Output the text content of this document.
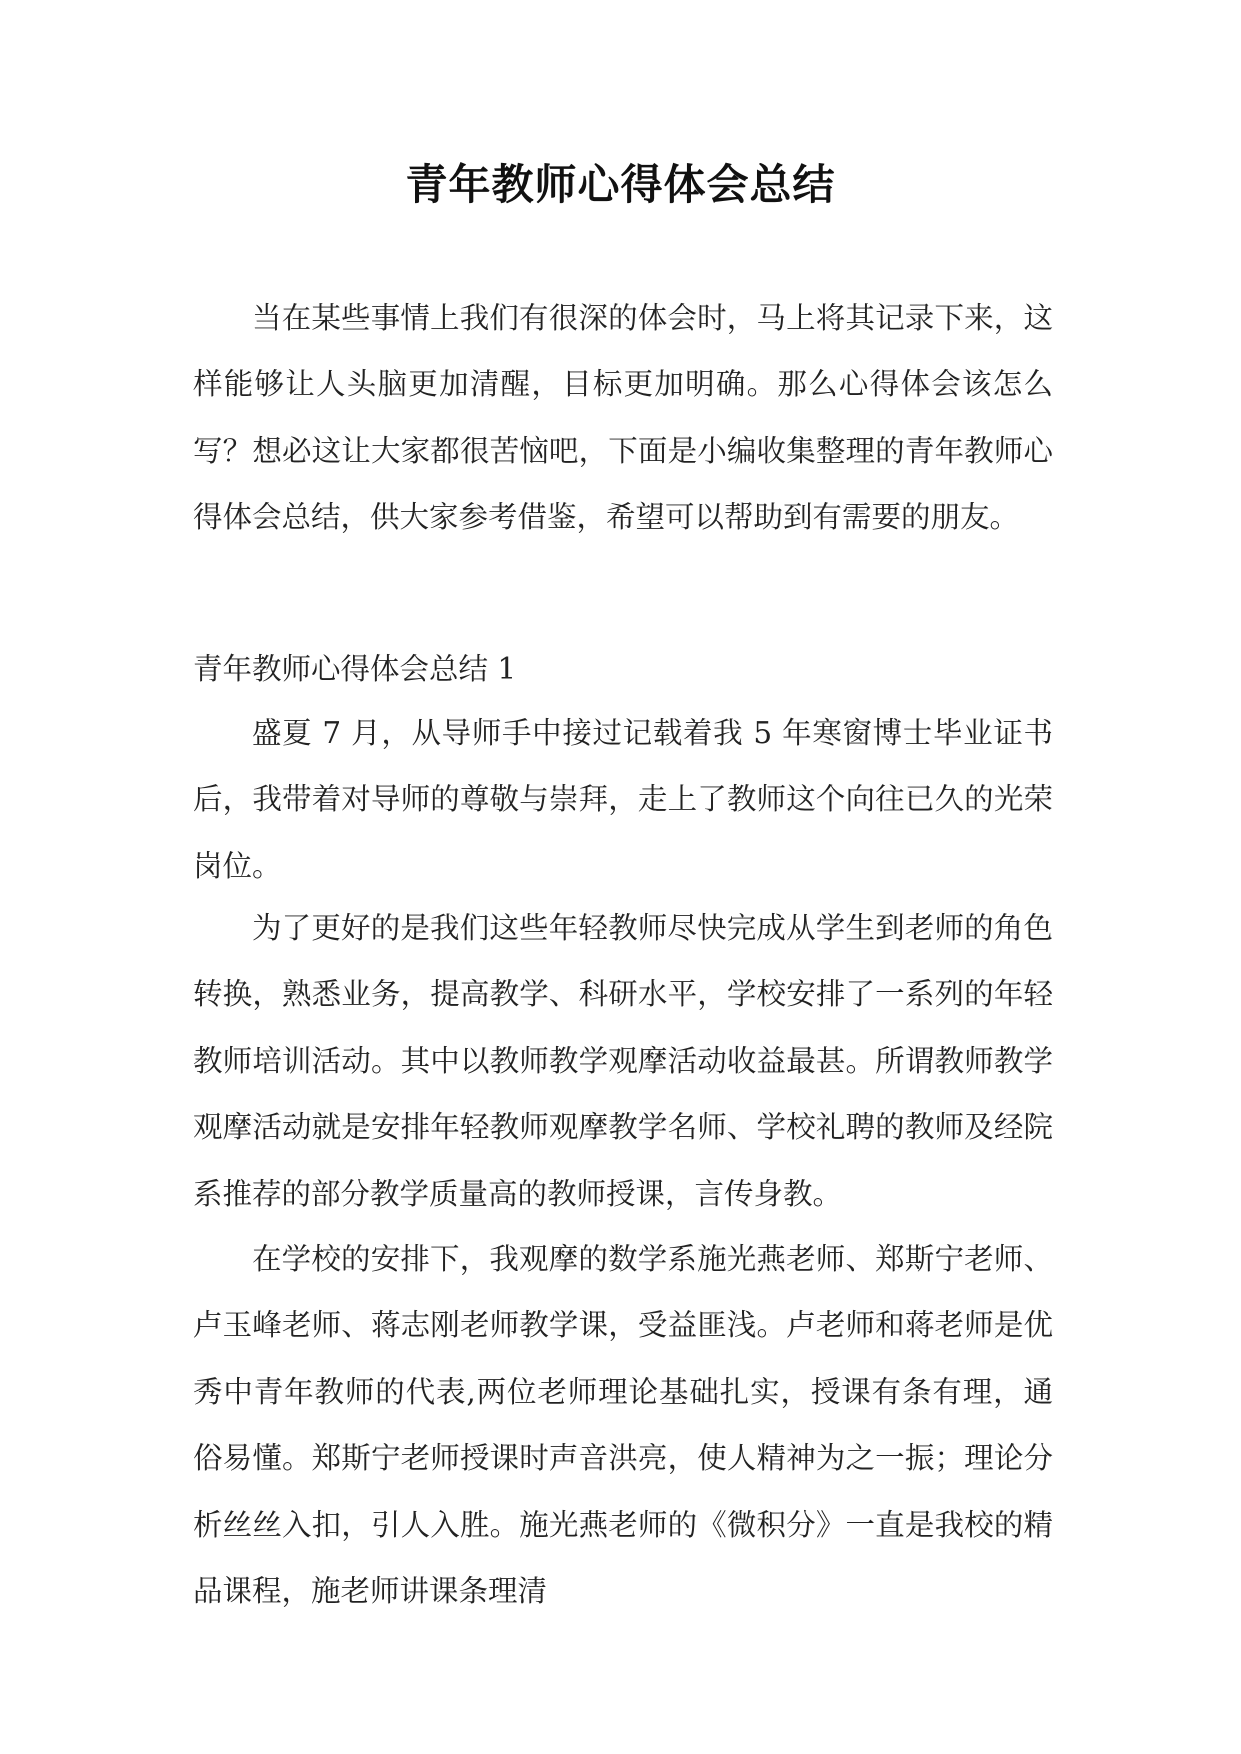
青年教师心得体会总结

当在某些事情上我们有很深的体会时，马上将其记录下来，这样能够让人头脑更加清醒，目标更加明确。那么心得体会该怎么写？想必这让大家都很苦恼吧，下面是小编收集整理的青年教师心得体会总结，供大家参考借鉴，希望可以帮助到有需要的朋友。

青年教师心得体会总结 1

盛夏 7 月，从导师手中接过记载着我 5 年寒窗博士毕业证书后，我带着对导师的尊敬与崇拜，走上了教师这个向往已久的光荣岗位。

为了更好的是我们这些年轻教师尽快完成从学生到老师的角色转换，熟悉业务，提高教学、科研水平，学校安排了一系列的年轻教师培训活动。其中以教师教学观摩活动收益最甚。所谓教师教学观摩活动就是安排年轻教师观摩教学名师、学校礼聘的教师及经院系推荐的部分教学质量高的教师授课，言传身教。

在学校的安排下，我观摩的数学系施光燕老师、郑斯宁老师、卢玉峰老师、蒋志刚老师教学课，受益匪浅。卢老师和蒋老师是优秀中青年教师的代表,两位老师理论基础扎实，授课有条有理，通俗易懂。郑斯宁老师授课时声音洪亮，使人精神为之一振；理论分析丝丝入扣，引人入胜。施光燕老师的《微积分》一直是我校的精品课程，施老师讲课条理清
